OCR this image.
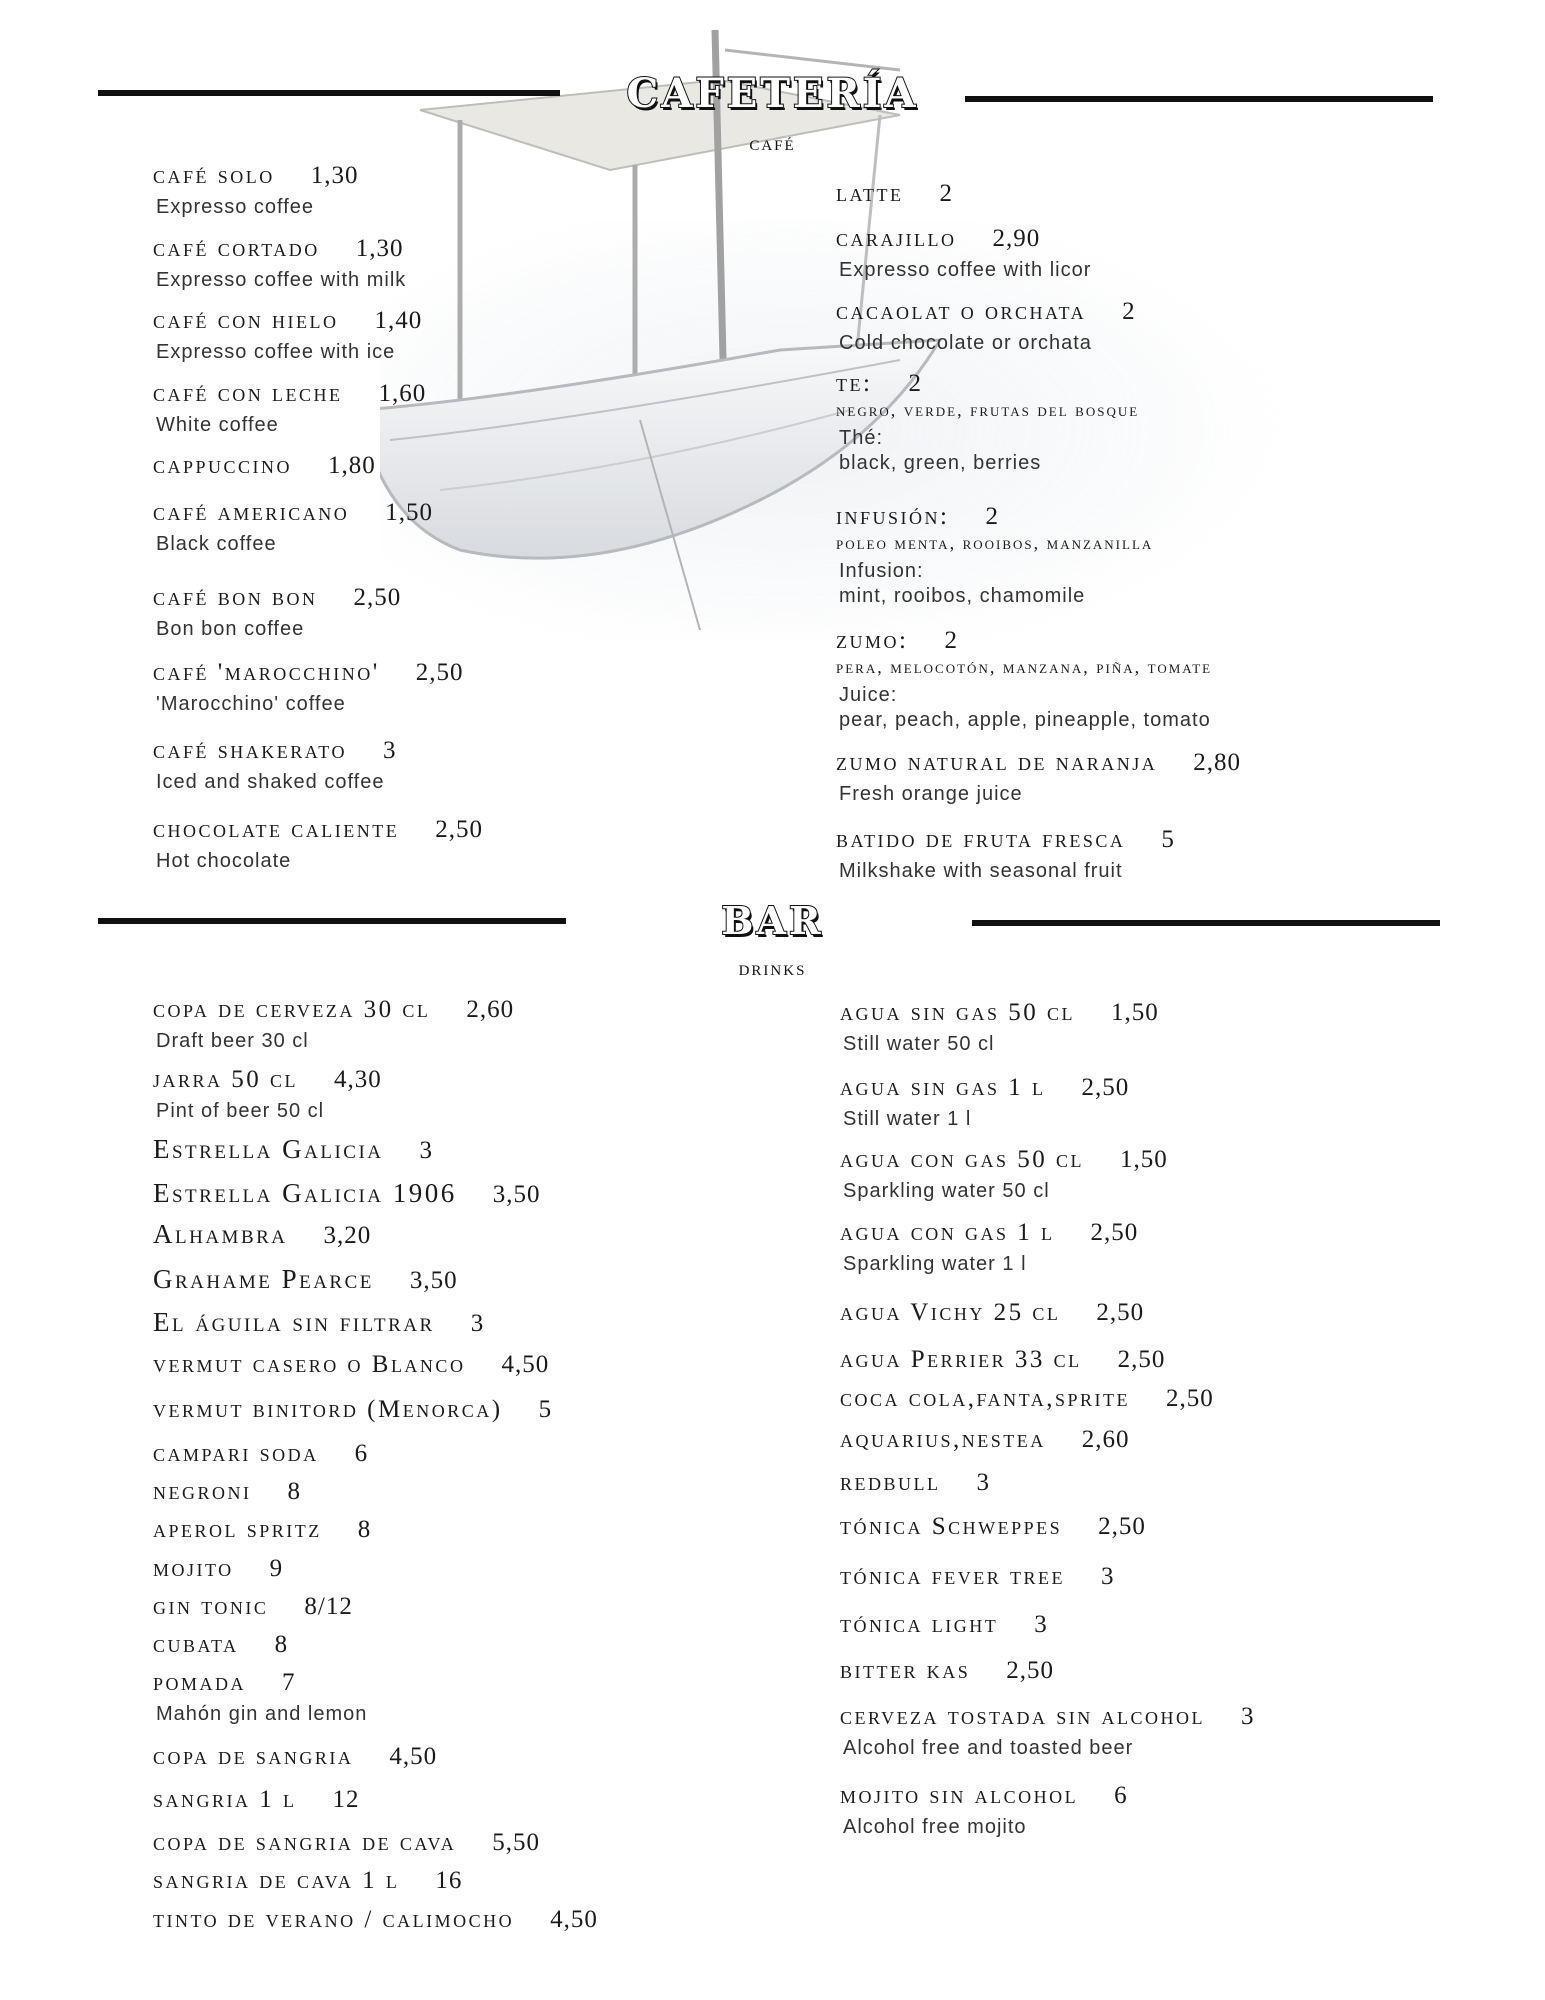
CAFETERÍA
café
café solo 1,30
Expresso coffee
café cortado 1,30
Expresso coffee with milk
café con hielo 1,40
Expresso coffee with ice
café con leche 1,60
White coffee
cappuccino 1,80
café americano 1,50
Black coffee
café bon bon 2,50
Bon bon coffee
café 'marocchino' 2,50
'Marocchino' coffee
café shakerato 3
Iced and shaked coffee
chocolate caliente 2,50
Hot chocolate
latte 2
carajillo 2,90
Expresso coffee with licor
cacaolat o orchata 2
Cold chocolate or orchata
te: 2
negro, verde, frutas del bosque
Thé:
black, green, berries
infusión: 2
poleo menta, rooibos, manzanilla
Infusion:
mint, rooibos, chamomile
zumo: 2
pera, melocotón, manzana, piña, tomate
Juice:
pear, peach, apple, pineapple, tomato
zumo natural de naranja 2,80
Fresh orange juice
batido de fruta fresca 5
Milkshake with seasonal fruit
BAR
drinks
copa de cerveza 30 cl 2,60
Draft beer 30 cl
jarra 50 cl 4,30
Pint of beer 50 cl
Estrella Galicia 3
Estrella Galicia 1906 3,50
Alhambra 3,20
Grahame Pearce 3,50
El águila sin filtrar 3
vermut casero o Blanco 4,50
vermut binitord (Menorca) 5
campari soda 6
negroni 8
aperol spritz 8
mojito 9
gin tonic 8/12
cubata 8
pomada 7
Mahón gin and lemon
copa de sangria 4,50
sangria 1 l 12
copa de sangria de cava 5,50
sangria de cava 1 l 16
tinto de verano / calimocho 4,50
agua sin gas 50 cl 1,50
Still water 50 cl
agua sin gas 1 l 2,50
Still water 1 l
agua con gas 50 cl 1,50
Sparkling water 50 cl
agua con gas 1 l 2,50
Sparkling water 1 l
agua Vichy 25 cl 2,50
agua Perrier 33 cl 2,50
coca cola,fanta,sprite 2,50
aquarius,nestea 2,60
redbull 3
tónica Schweppes 2,50
tónica fever tree 3
tónica light 3
bitter kas 2,50
cerveza tostada sin alcohol 3
Alcohol free and toasted beer
mojito sin alcohol 6
Alcohol free mojito
